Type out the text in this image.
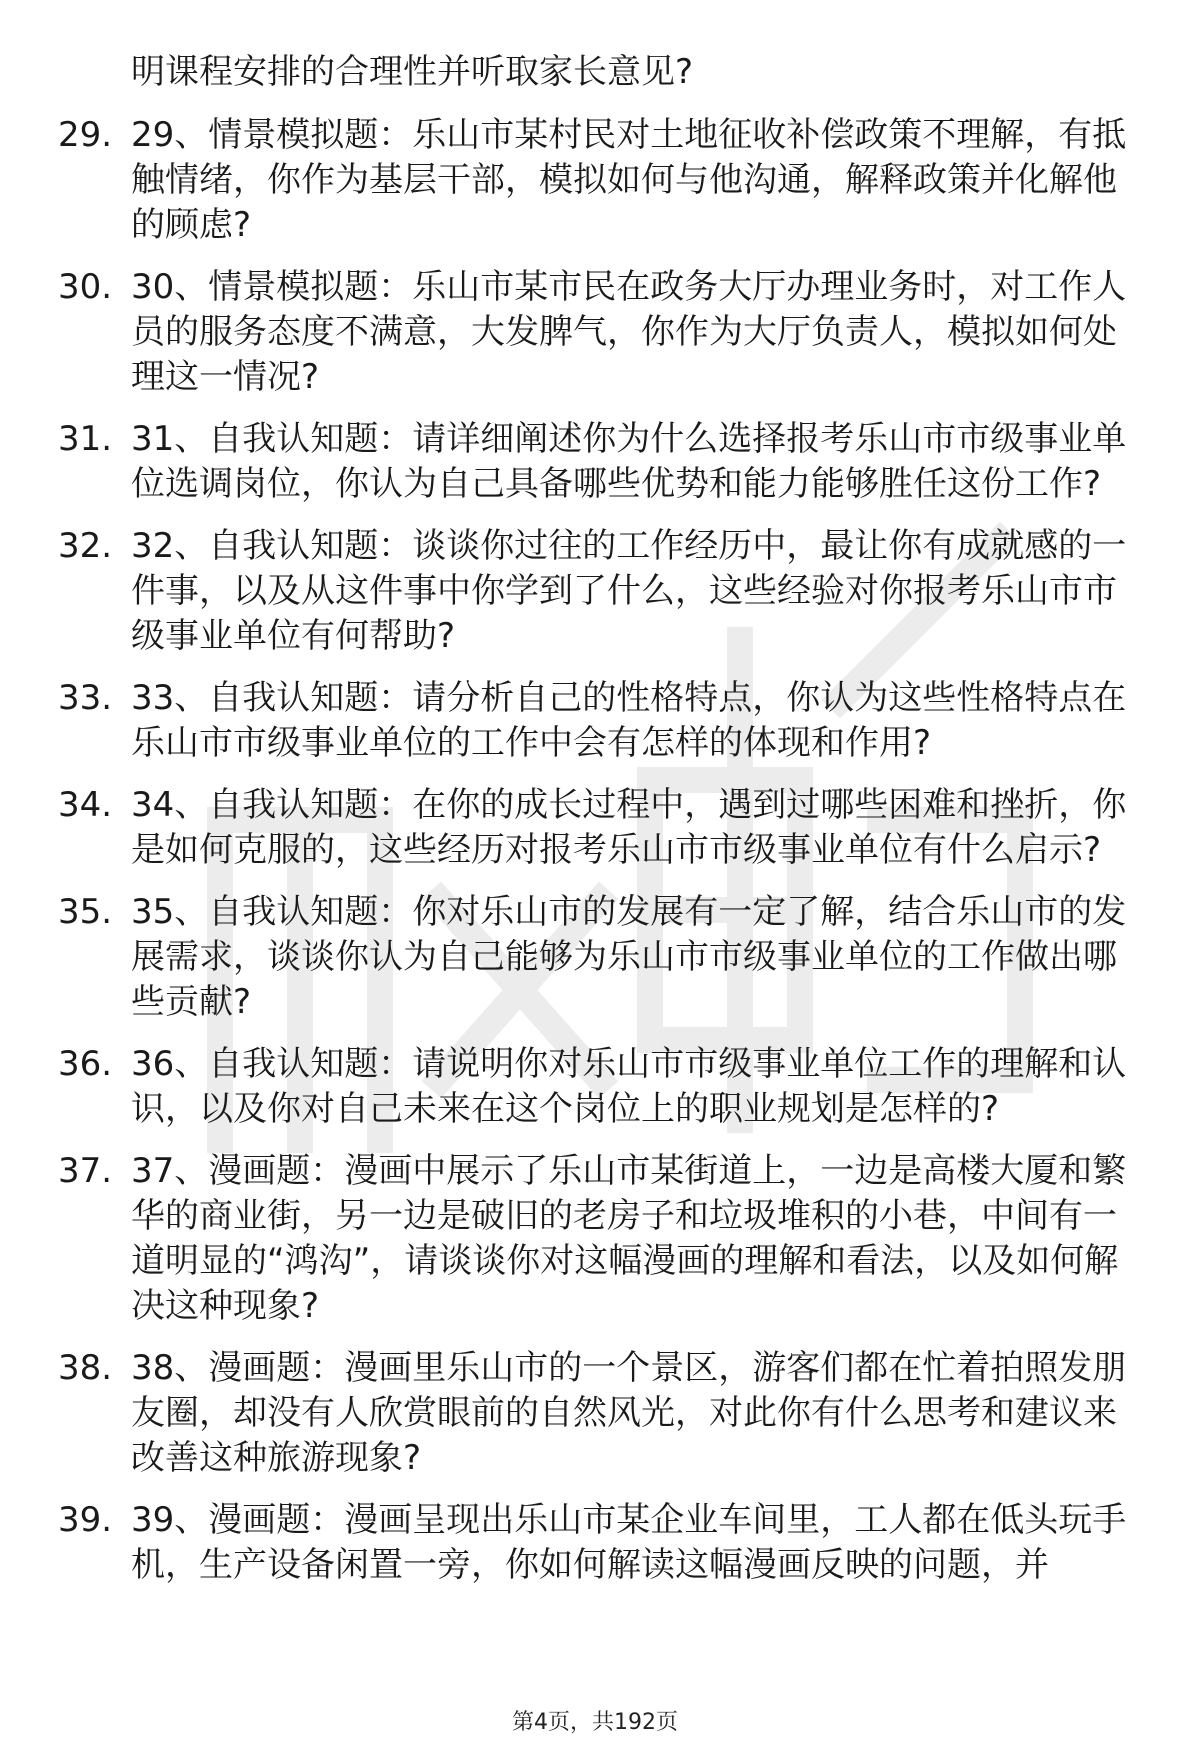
明课程安排的合理性并听取家长意见?
29. 29、情景模拟题：乐山市某村民对土地征收补偿政策不理解，有抵触情绪，你作为基层干部，模拟如何与他沟通，解释政策并化解他的顾虑?
30. 30、情景模拟题：乐山市某市民在政务大厅办理业务时，对工作人员的服务态度不满意，大发脾气，你作为大厅负责人，模拟如何处理这一情况?
31. 31、自我认知题：请详细阐述你为什么选择报考乐山市市级事业单位选调岗位，你认为自己具备哪些优势和能力能够胜任这份工作?
32. 32、自我认知题：谈谈你过往的工作经历中，最让你有成就感的一件事，以及从这件事中你学到了什么，这些经验对你报考乐山市市级事业单位有何帮助?
33. 33、自我认知题：请分析自己的性格特点，你认为这些性格特点在乐山市市级事业单位的工作中会有怎样的体现和作用?
34. 34、自我认知题：在你的成长过程中，遇到过哪些困难和挫折，你是如何克服的，这些经历对报考乐山市市级事业单位有什么启示?
35. 35、自我认知题：你对乐山市的发展有一定了解，结合乐山市的发展需求，谈谈你认为自己能够为乐山市市级事业单位的工作做出哪些贡献?
36. 36、自我认知题：请说明你对乐山市市级事业单位工作的理解和认识，以及你对自己未来在这个岗位上的职业规划是怎样的?
37. 37、漫画题：漫画中展示了乐山市某街道上，一边是高楼大厦和繁华的商业街，另一边是破旧的老房子和垃圾堆积的小巷，中间有一道明显的“鸿沟”，请谈谈你对这幅漫画的理解和看法，以及如何解决这种现象?
38. 38、漫画题：漫画里乐山市的一个景区，游客们都在忙着拍照发朋友圈，却没有人欣赏眼前的自然风光，对此你有什么思考和建议来改善这种旅游现象?
39. 39、漫画题：漫画呈现出乐山市某企业车间里，工人都在低头玩手机，生产设备闲置一旁，你如何解读这幅漫画反映的问题，并
第4页，共192页
